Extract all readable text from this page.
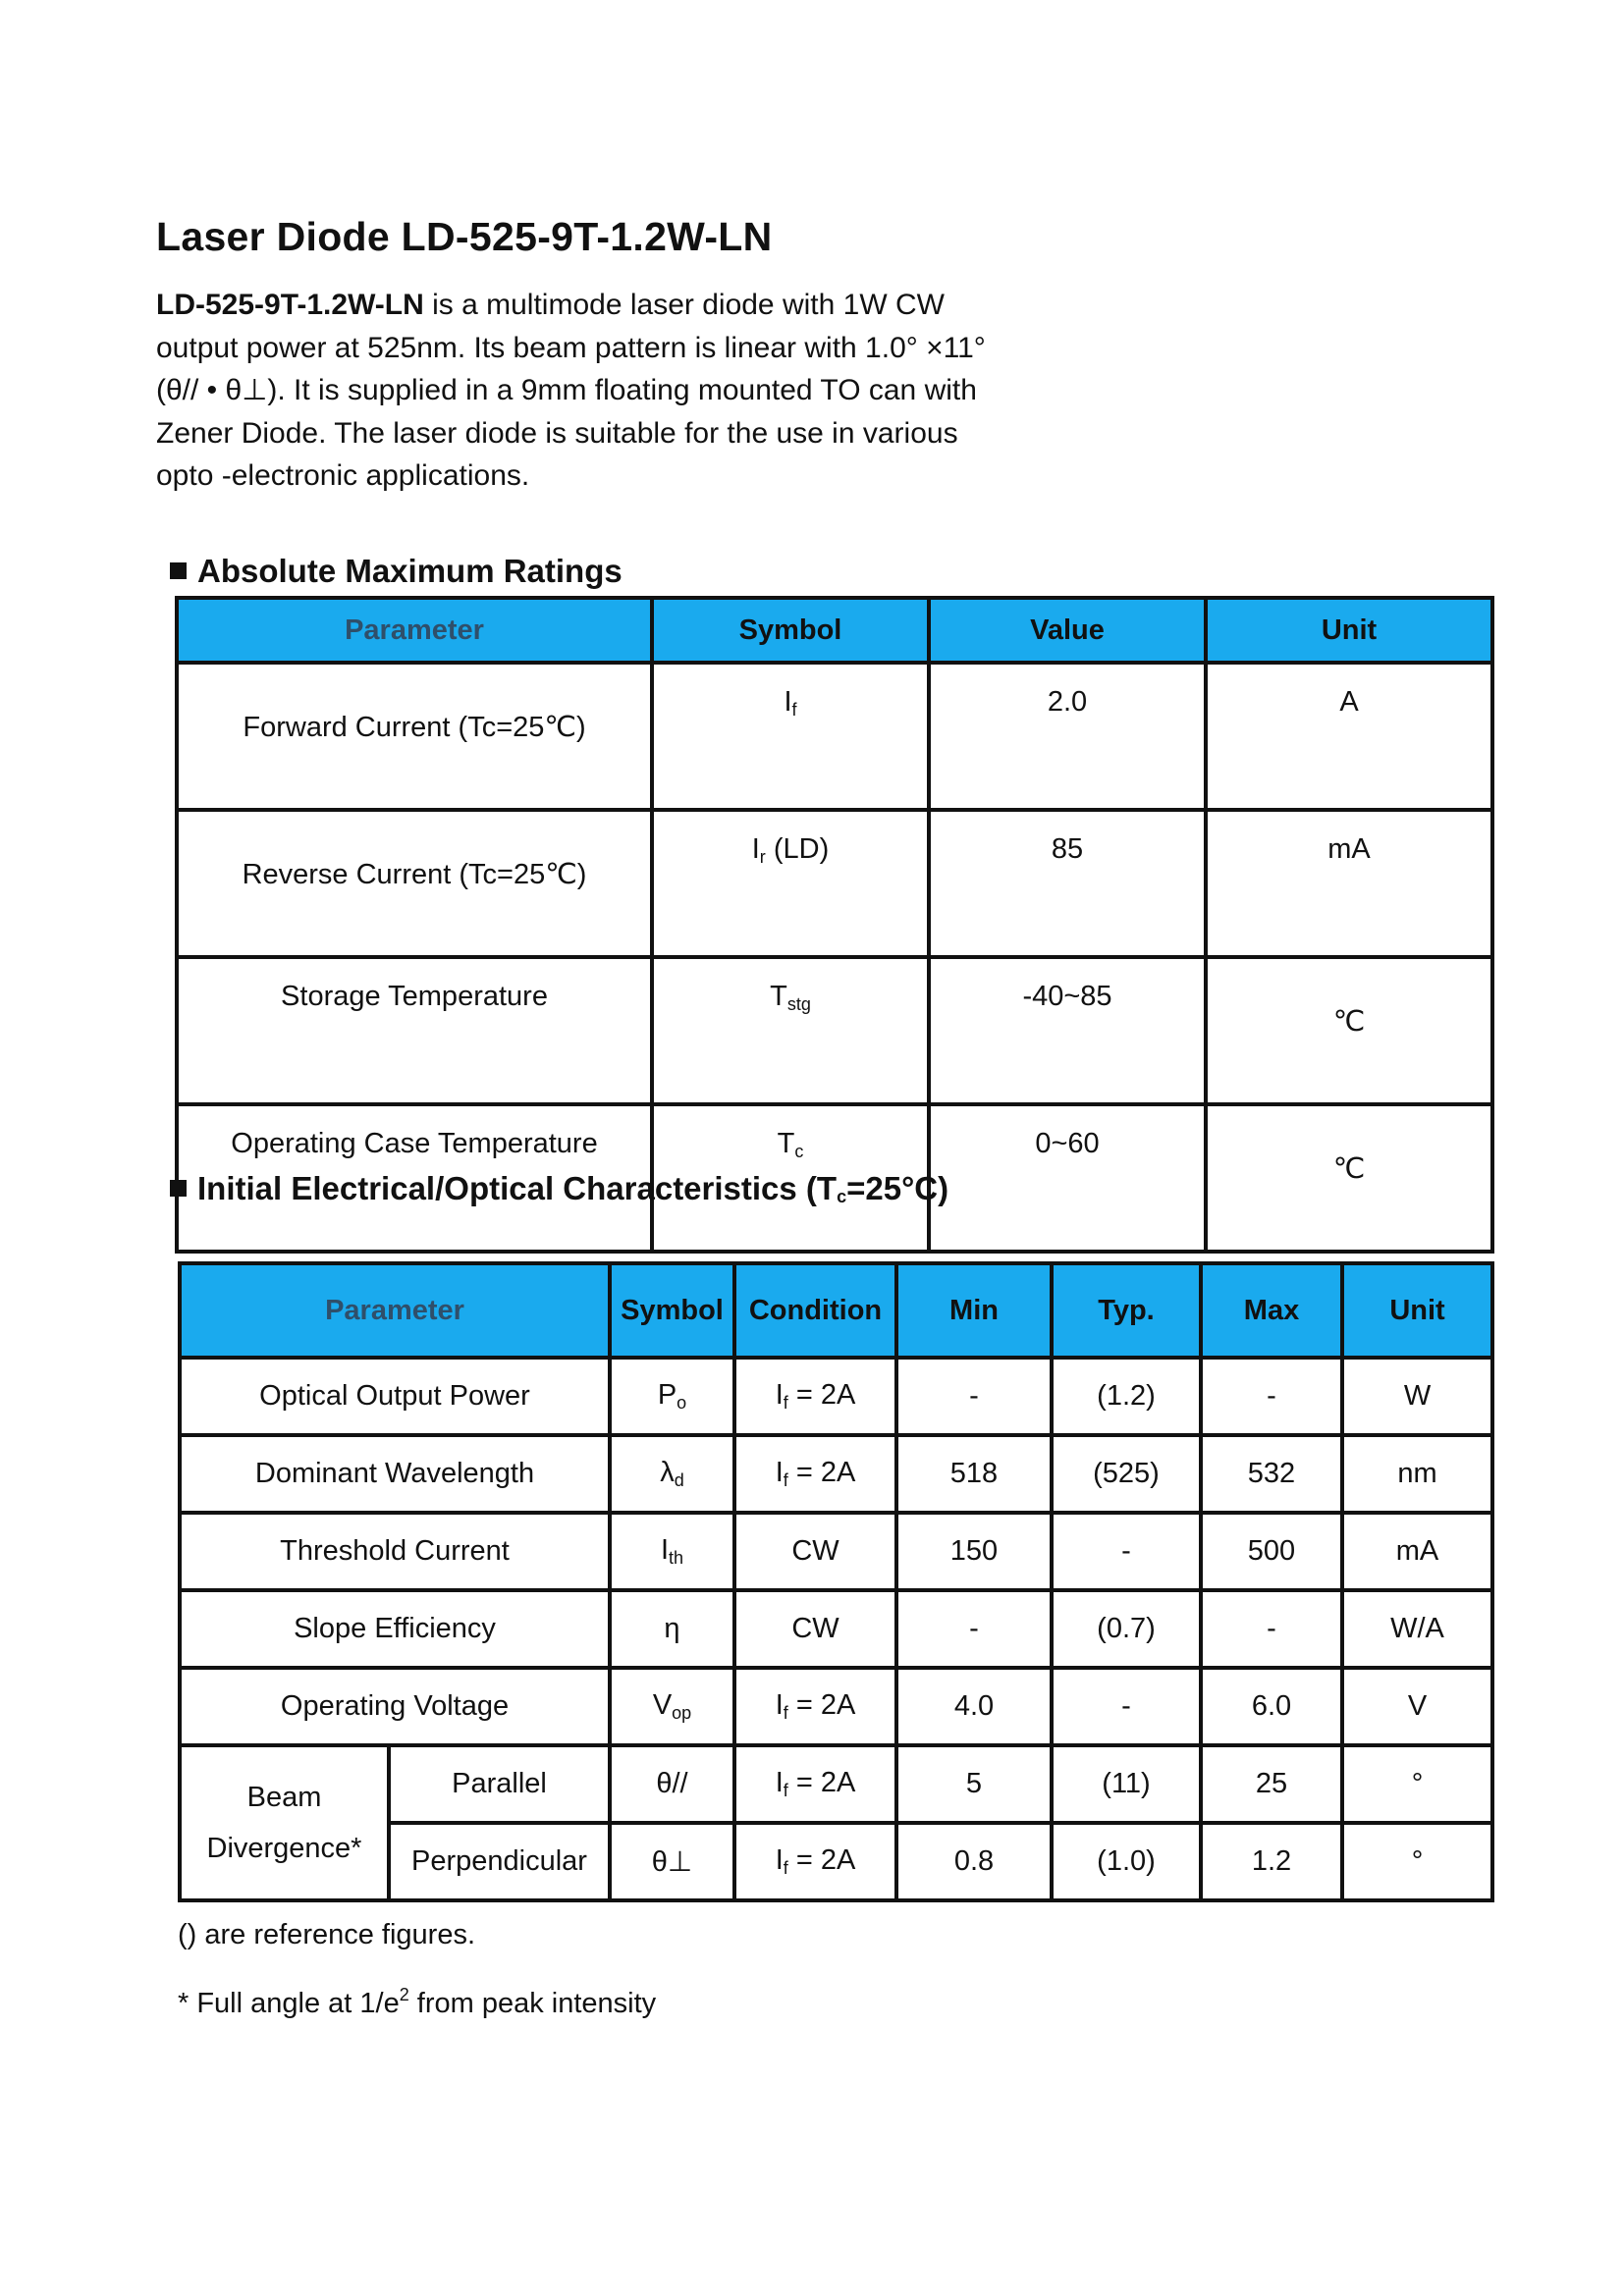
Laser Diode LD-525-9T-1.2W-LN

LD-525-9T-1.2W-LN is a multimode laser diode with 1W CW output power at 525nm. Its beam pattern is linear with 1.0° ×11° (θ// • θ⊥). It is supplied in a 9mm floating mounted TO can with Zener Diode. The laser diode is suitable for the use in various opto -electronic applications.

Absolute Maximum Ratings
Parameter	Symbol	Value	Unit
Forward Current (Tc=25℃)	$I_f$	2.0	A
Reverse Current (Tc=25℃)	$I_r$ (LD)	85	mA
Storage Temperature	$T_{stg}$	-40~85	℃
Operating Case Temperature	$T_c$	0~60	℃
Initial Electrical/Optical Characteristics $(T_c=25^\circ C)$
Parameter		Symbol	Condition	Min	Typ.	Max	Unit
Optical Output Power		$P_o$	$I_f = 2A$	-	(1.2)	-	W
Dominant Wavelength		$\lambda_d$	$I_f = 2A$	518	(525)	532	nm
Threshold Current		$I_{th}$	CW	150	-	500	mA
Slope Efficiency		η	CW	-	(0.7)	-	W/A
Operating Voltage		$V_{op}$	$I_f = 2A$	4.0	-	6.0	V
Beam
Divergence*	Parallel	θ//	$I_f = 2A$	5	(11)	25	°
	Perpendicular	θ⊥	$I_f = 2A$	0.8	(1.0)	1.2	°

() are reference figures.

* Full angle at $1/e^2$ from peak intensity
